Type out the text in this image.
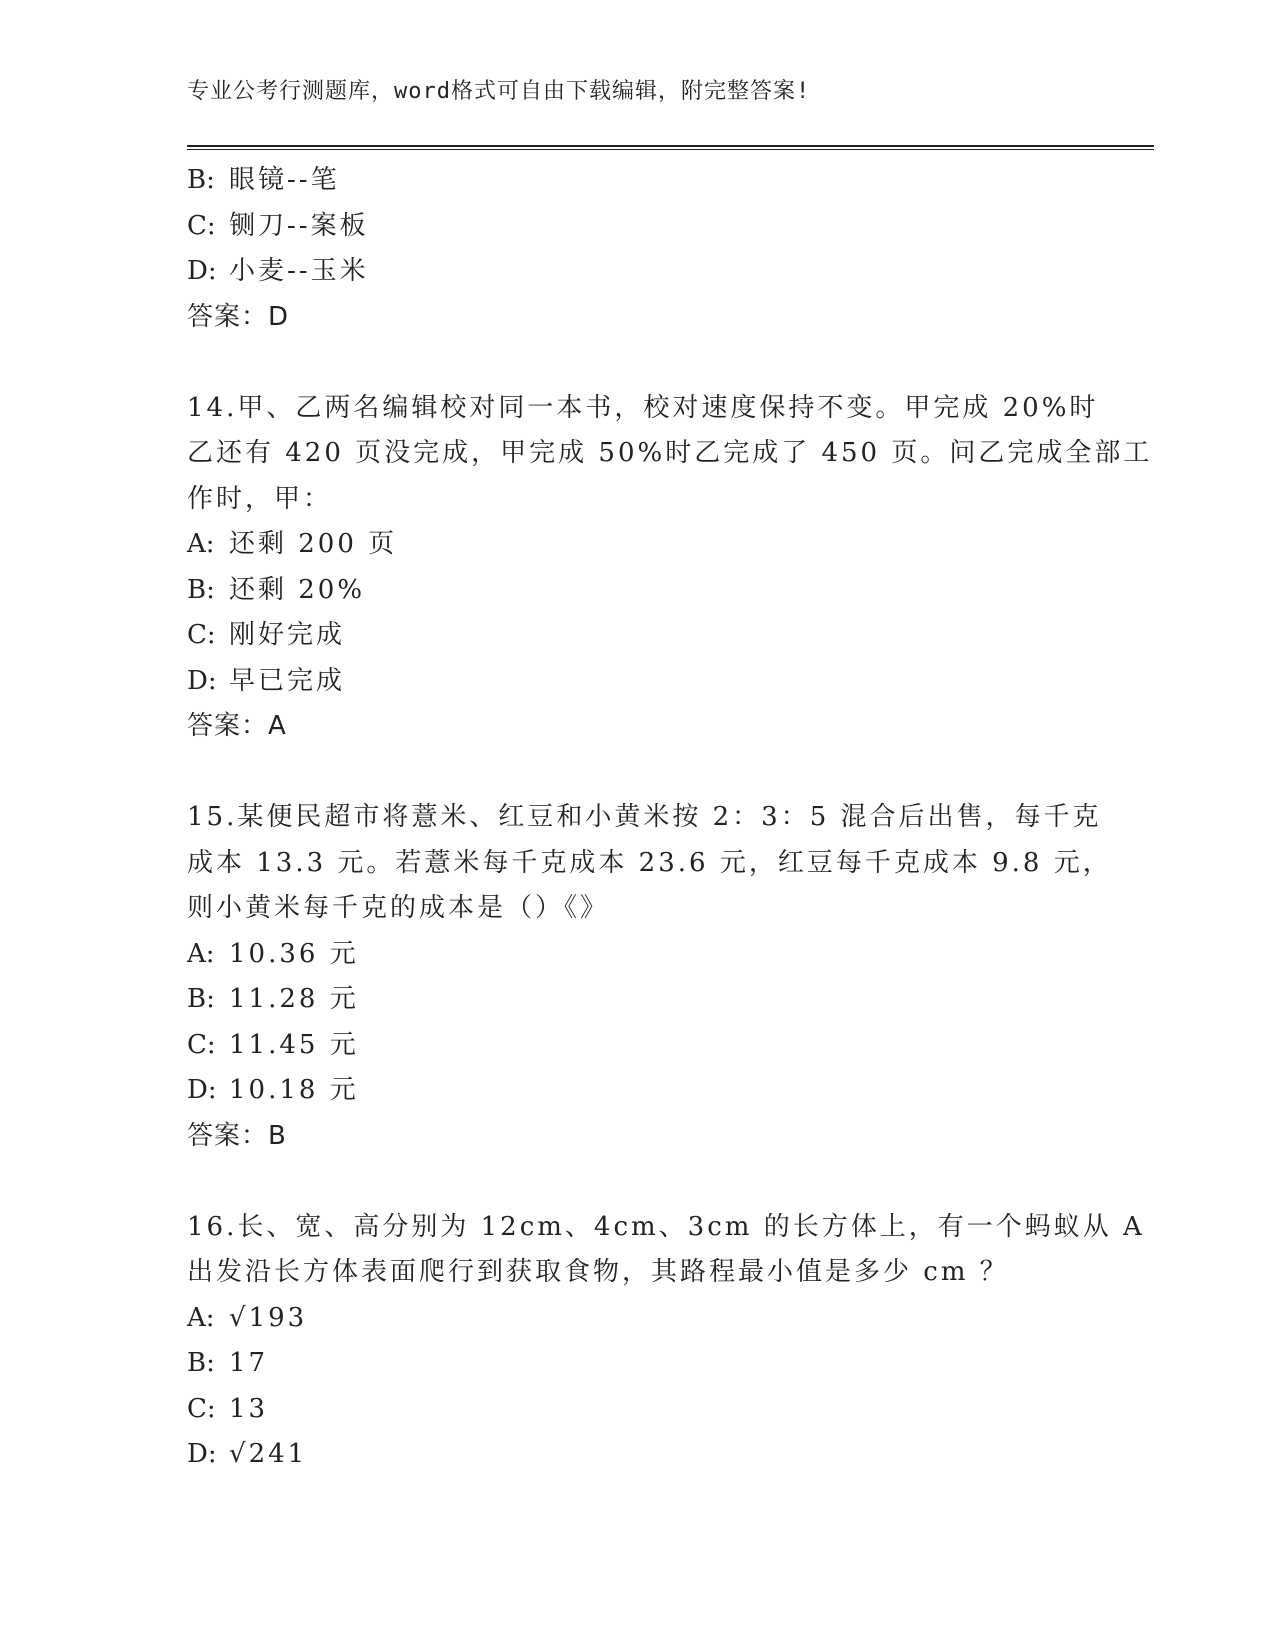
专业公考行测题库，word格式可自由下载编辑，附完整答案!
B: 眼镜--笔
C: 铡刀--案板
D: 小麦--玉米
答案：D
14.甲、乙两名编辑校对同一本书，校对速度保持不变。甲完成 20%时
乙还有 420 页没完成，甲完成 50%时乙完成了 450 页。问乙完成全部工
作时，甲：
A: 还剩 200 页
B: 还剩 20%
C: 刚好完成
D: 早已完成
答案：A
15.某便民超市将薏米、红豆和小黄米按 2：3：5 混合后出售，每千克
成本 13.3 元。若薏米每千克成本 23.6 元，红豆每千克成本 9.8 元，
则小黄米每千克的成本是（）《》
A: 10.36 元
B: 11.28 元
C: 11.45 元
D: 10.18 元
答案：B
16.长、宽、高分别为 12cm、4cm、3cm 的长方体上，有一个蚂蚁从 A
出发沿长方体表面爬行到获取食物，其路程最小值是多少 cm ？
A: √193
B: 17
C: 13
D: √241
